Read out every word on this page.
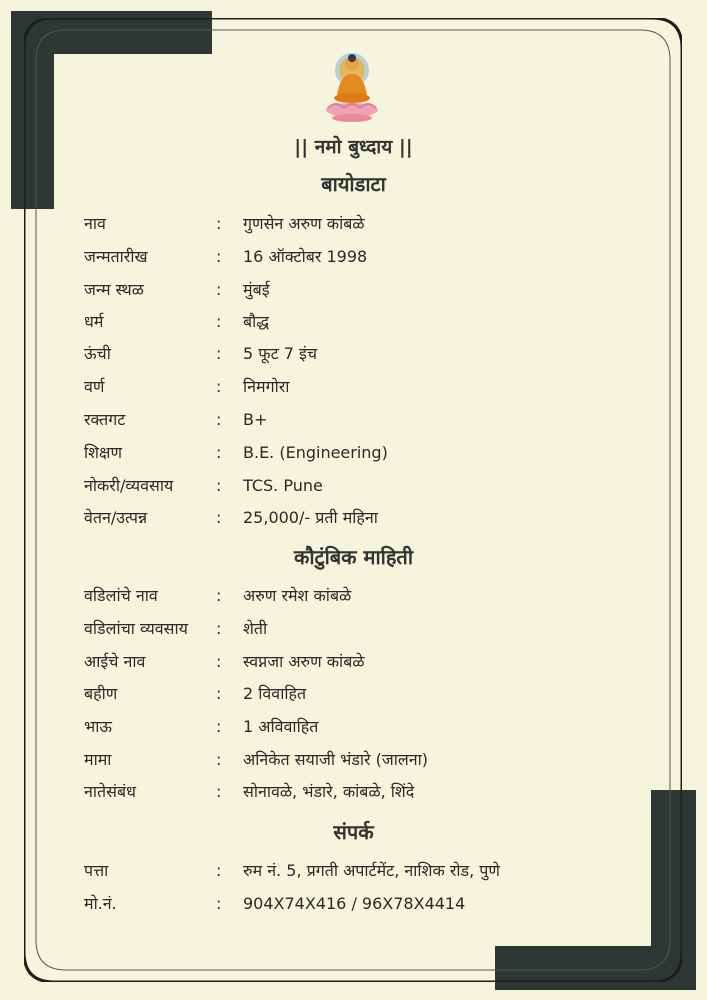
|| नमो बुध्दाय ||
बायोडाटा
नाव	: गुणसेन अरुण कांबळे
जन्मतारीख	: 16 ऑक्टोबर 1998
जन्म स्थळ	: मुंबई
धर्म	: बौद्ध
ऊंची	: 5 फूट 7 इंच
वर्ण	: निमगोरा
रक्तगट	: B+
शिक्षण	: B.E. (Engineering)
नोकरी/व्यवसाय	: TCS. Pune
वेतन/उत्पन्न	: 25,000/- प्रती महिना
कौटुंबिक माहिती
वडिलांचे नाव	: अरुण रमेश कांबळे
वडिलांचा व्यवसाय : शेती
आईचे नाव	: स्वप्नजा अरुण कांबळे
बहीण	: 2 विवाहित
भाऊ	: 1 अविवाहित
मामा	: अनिकेत सयाजी भंडारे (जालना)
नातेसंबंध	: सोनावळे, भंडारे, कांबळे, शिंदे
संपर्क
पत्ता	: रुम नं. 5, प्रगती अपार्टमेंट, नाशिक रोड, पुणे
मो.नं.	: 904X74X416 / 96X78X4414
